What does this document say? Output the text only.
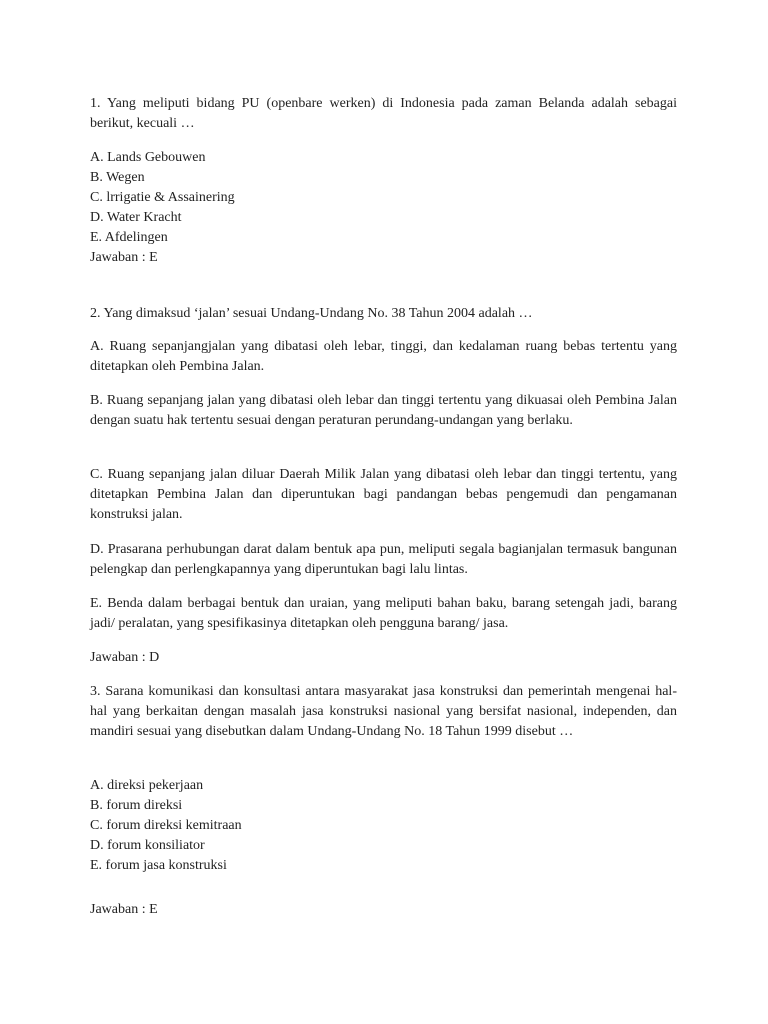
1. Yang meliputi bidang PU (openbare werken) di Indonesia pada zaman Belanda adalah sebagai
berikut, kecuali …
A. Lands Gebouwen
B. Wegen
C. lrrigatie & Assainering
D. Water Kracht
E. Afdelingen
Jawaban : E
2. Yang dimaksud ‘jalan’ sesuai Undang-Undang No. 38 Tahun 2004 adalah …
A. Ruang sepanjangjalan yang dibatasi oleh lebar, tinggi, dan kedalaman ruang bebas tertentu yang ditetapkan oleh Pembina Jalan.
B. Ruang sepanjang jalan yang dibatasi oleh lebar dan tinggi tertentu yang dikuasai oleh Pembina Jalan dengan suatu hak tertentu sesuai dengan peraturan perundang-undangan yang berlaku.
C. Ruang sepanjang jalan diluar Daerah Milik Jalan yang dibatasi oleh lebar dan tinggi tertentu, yang ditetapkan Pembina Jalan dan diperuntukan bagi pandangan bebas pengemudi dan pengamanan konstruksi jalan.
D. Prasarana perhubungan darat dalam bentuk apa pun, meliputi segala bagianjalan termasuk bangunan pelengkap dan perlengkapannya yang diperuntukan bagi lalu lintas.
E. Benda dalam berbagai bentuk dan uraian, yang meliputi bahan baku, barang setengah jadi, barang jadi/ peralatan, yang spesifikasinya ditetapkan oleh pengguna barang/ jasa.
Jawaban : D
3. Sarana komunikasi dan konsultasi antara masyarakat jasa konstruksi dan pemerintah mengenai hal-hal yang berkaitan dengan masalah jasa konstruksi nasional yang bersifat nasional, independen, dan mandiri sesuai yang disebutkan dalam Undang-Undang No. 18 Tahun 1999 disebut …
A. direksi pekerjaan
B. forum direksi
C. forum direksi kemitraan
D. forum konsiliator
E. forum jasa konstruksi
Jawaban : E
